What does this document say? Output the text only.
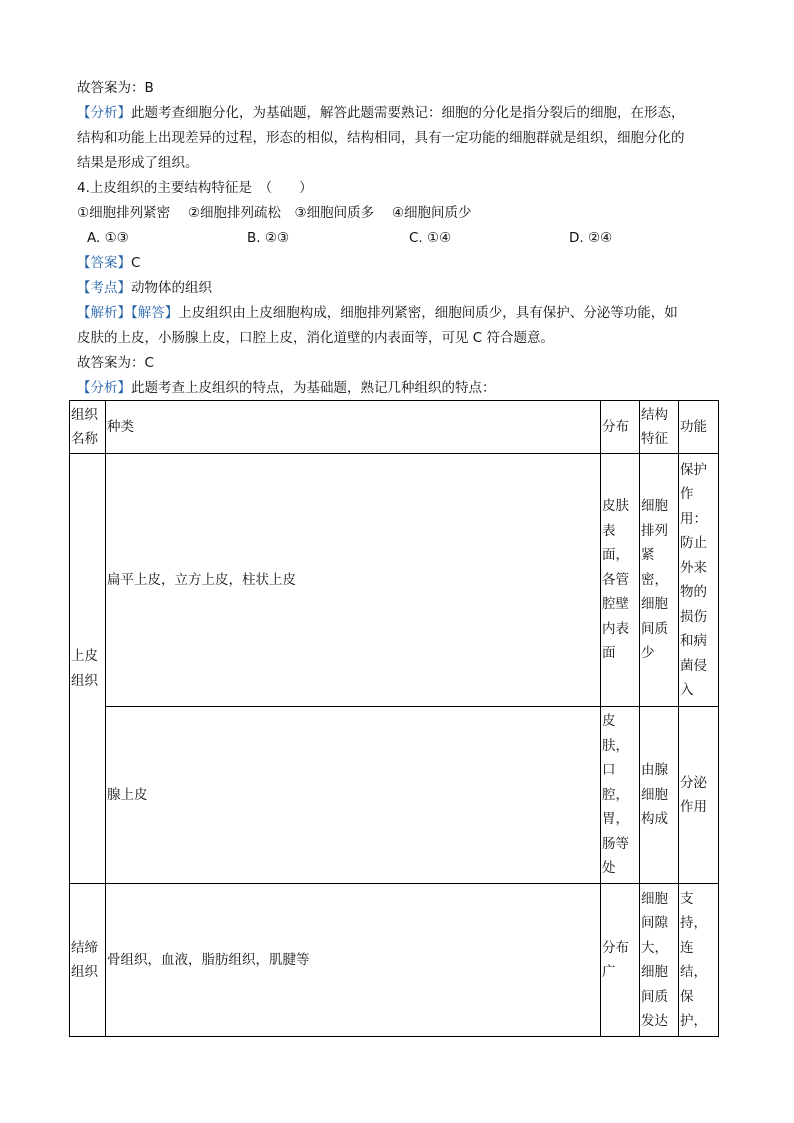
故答案为：B
【分析】此题考查细胞分化，为基础题，解答此题需要熟记：细胞的分化是指分裂后的细胞，在形态，
结构和功能上出现差异的过程，形态的相似，结构相同，具有一定功能的细胞群就是组织，细胞分化的
结果是形成了组织。
4.上皮组织的主要结构特征是　（　　）
①细胞排列紧密　 ②细胞排列疏松　③细胞间质多　 ④细胞间质少
A. ①③	B. ②③	C. ①④	D. ②④
【答案】C
【考点】动物体的组织
【解析】【解答】上皮组织由上皮细胞构成，细胞排列紧密，细胞间质少，具有保护、分泌等功能，如
皮肤的上皮，小肠腺上皮，口腔上皮，消化道壁的内表面等，可见 C 符合题意。
故答案为：C
【分析】此题考查上皮组织的特点，为基础题，熟记几种组织的特点：
组织名称	种类	分布	结构特征	功能
上皮组织	扁平上皮，立方上皮，柱状上皮	皮肤表面，各管腔壁内表面	细胞排列紧密，细胞间质少	保护作用：防止外来物的损伤和病菌侵入
	腺上皮	皮肤，口腔，胃，肠等处	由腺细胞构成	分泌作用
结缔组织	骨组织，血液，脂肪组织，肌腱等	分布广	细胞间隙大，细胞间质发达	支持，连结，保护，
